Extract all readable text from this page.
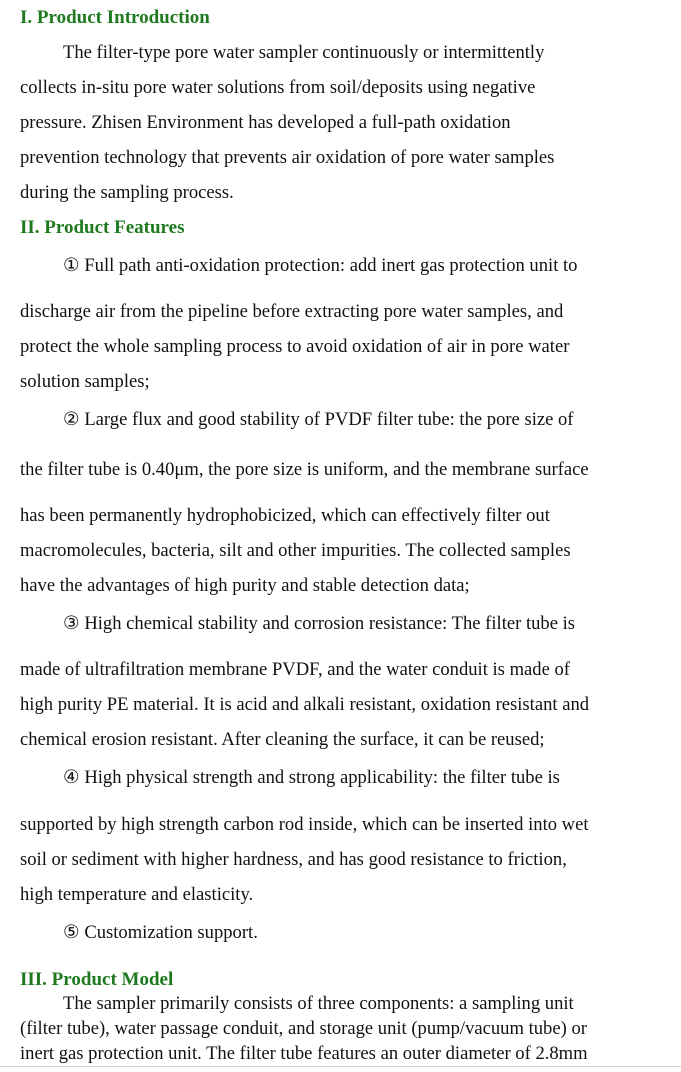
I. Product Introduction
The filter-type pore water sampler continuously or intermittently
collects in-situ pore water solutions from soil/deposits using negative
pressure. Zhisen Environment has developed a full-path oxidation
prevention technology that prevents air oxidation of pore water samples
during the sampling process.
II. Product Features
① Full path anti-oxidation protection: add inert gas protection unit to
discharge air from the pipeline before extracting pore water samples, and
protect the whole sampling process to avoid oxidation of air in pore water
solution samples;
② Large flux and good stability of PVDF filter tube: the pore size of
the filter tube is 0.40μm, the pore size is uniform, and the membrane surface
has been permanently hydrophobicized, which can effectively filter out
macromolecules, bacteria, silt and other impurities. The collected samples
have the advantages of high purity and stable detection data;
③ High chemical stability and corrosion resistance: The filter tube is
made of ultrafiltration membrane PVDF, and the water conduit is made of
high purity PE material. It is acid and alkali resistant, oxidation resistant and
chemical erosion resistant. After cleaning the surface, it can be reused;
④ High physical strength and strong applicability: the filter tube is
supported by high strength carbon rod inside, which can be inserted into wet
soil or sediment with higher hardness, and has good resistance to friction,
high temperature and elasticity.
⑤ Customization support.
III. Product Model
The sampler primarily consists of three components: a sampling unit
(filter tube), water passage conduit, and storage unit (pump/vacuum tube) or
inert gas protection unit. The filter tube features an outer diameter of 2.8mm
